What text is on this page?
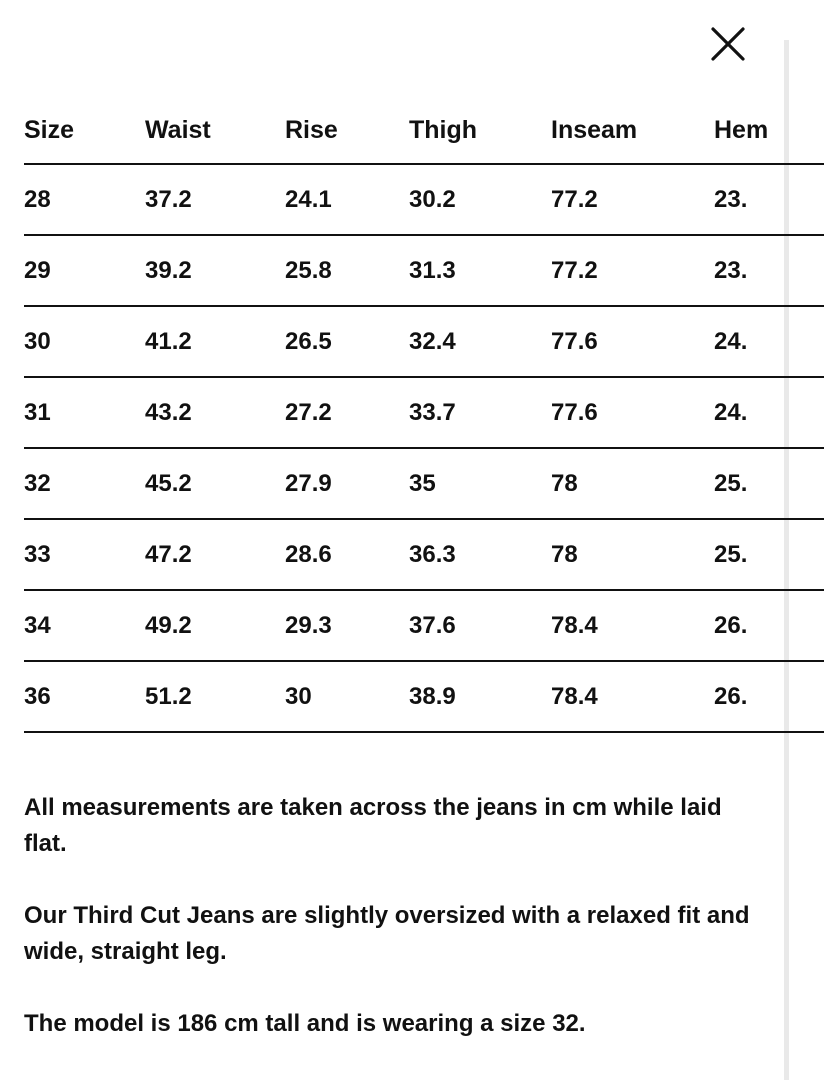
Size	Waist	Rise	Thigh	Inseam	Hem
28	37.2	24.1	30.2	77.2	23.
29	39.2	25.8	31.3	77.2	23.
30	41.2	26.5	32.4	77.6	24.
31	43.2	27.2	33.7	77.6	24.
32	45.2	27.9	35	78	25.
33	47.2	28.6	36.3	78	25.
34	49.2	29.3	37.6	78.4	26.
36	51.2	30	38.9	78.4	26.

All measurements are taken across the jeans in cm while laid flat.

Our Third Cut Jeans are slightly oversized with a relaxed fit and wide, straight leg.

The model is 186 cm tall and is wearing a size 32.
